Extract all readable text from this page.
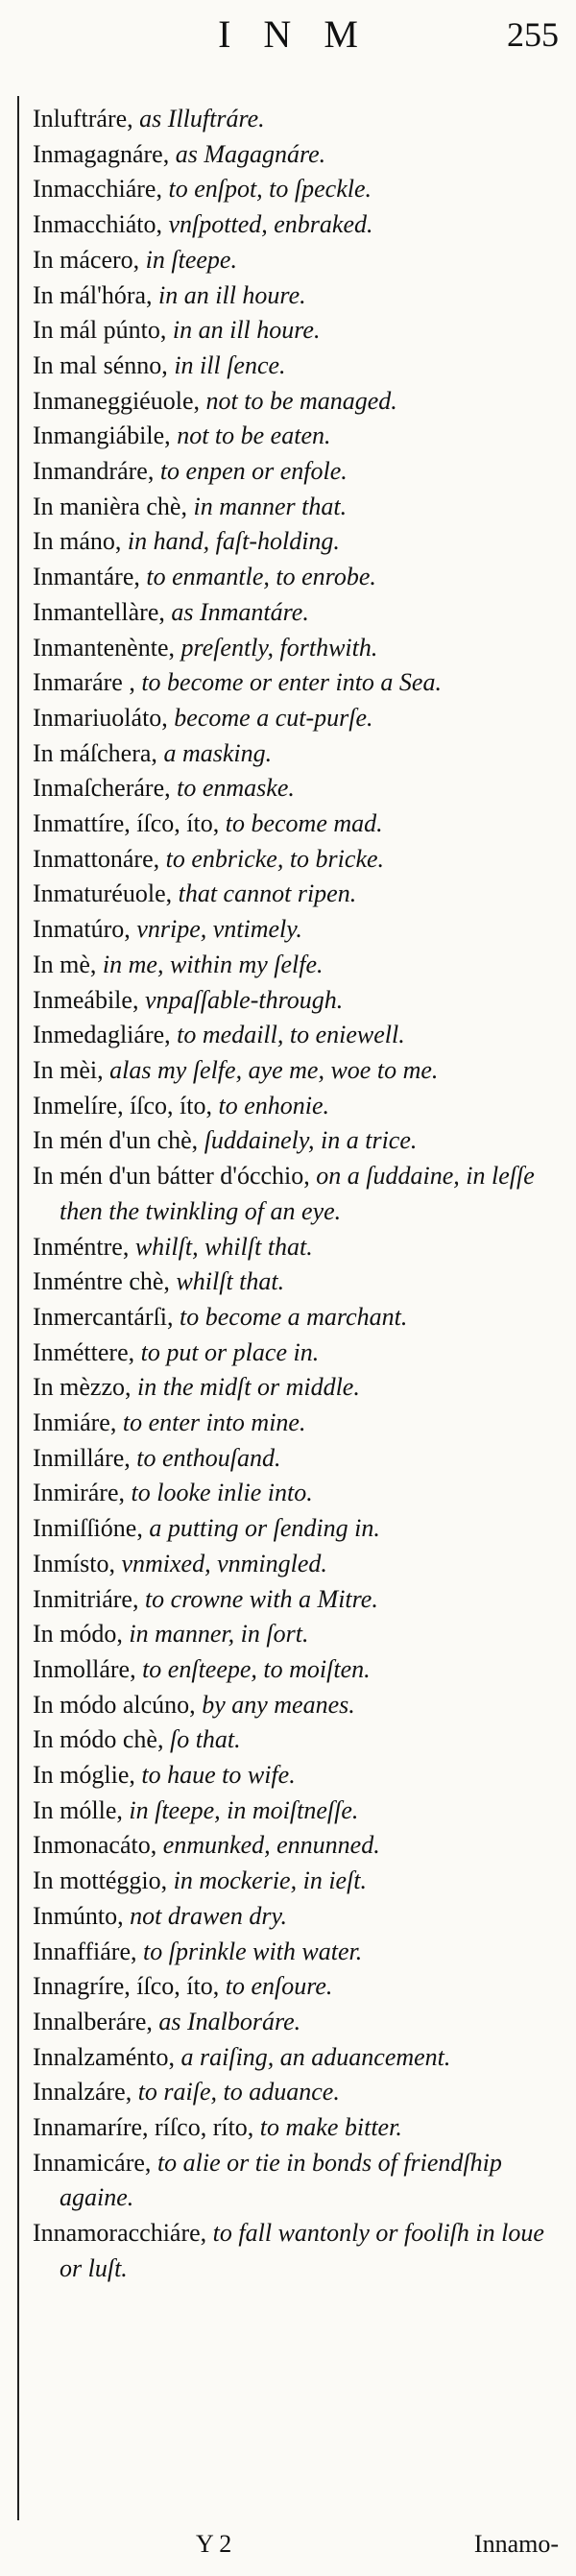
INM	255
Inluftráre, as Illuftráre.
Inmagagnáre, as Magagnáre.
Inmacchiáre, to enſpot, to ſpeckle.
Inmacchiáto, vnſpotted, enbraked.
In mácero, in ſteepe.
In mál'hóra, in an ill houre.
In mál púnto, in an ill houre.
In mal sénno, in ill ſence.
Inmaneggiéuole, not to be managed.
Inmangiábile, not to be eaten.
Inmandráre, to enpen or enfole.
In manièra chè, in manner that.
In máno, in hand, faſt-holding.
Inmantáre, to enmantle, to enrobe.
Inmantellàre, as Inmantáre.
Inmantenènte, preſently, forthwith.
Inmaráre , to become or enter into a Sea.
Inmariuoláto, become a cut-purſe.
In máſchera, a masking.
Inmaſcheráre, to enmaske.
Inmattíre, íſco, íto, to become mad.
Inmattonáre, to enbricke, to bricke.
Inmaturéuole, that cannot ripen.
Inmatúro, vnripe, vntimely.
In mè, in me, within my ſelfe.
Inmeábile, vnpaſſable-through.
Inmedagliáre, to medaill, to eniewell.
In mèi, alas my ſelfe, aye me, woe to me.
Inmelíre, íſco, íto, to enhonie.
In mén d'un chè, ſuddainely, in a trice.
In mén d'un bátter d'ócchio, on a ſuddaine, in leſſe then the twinkling of an eye.
Inméntre, whilſt, whilſt that.
Inméntre chè, whilſt that.
Inmercantárſi, to become a marchant.
Inméttere, to put or place in.
In mèzzo, in the midſt or middle.
Inmiáre, to enter into mine.
Inmilláre, to enthouſand.
Inmiráre, to looke inlie into.
Inmiſſióne, a putting or ſending in.
Inmísto, vnmixed, vnmingled.
Inmitriáre, to crowne with a Mitre.
In módo, in manner, in ſort.
Inmolláre, to enſteepe, to moiſten.
In módo alcúno, by any meanes.
In módo chè, ſo that.
In móglie, to haue to wife.
In mólle, in ſteepe, in moiſtneſſe.
Inmonacáto, enmunked, ennunned.
In mottéggio, in mockerie, in ieſt.
Inmúnto, not drawen dry.
Innaffiáre, to ſprinkle with water.
Innagríre, íſco, íto, to enſoure.
Innalberáre, as Inalboráre.
Innalzaménto, a raiſing, an aduancement.
Innalzáre, to raiſe, to aduance.
Innamaríre, ríſco, ríto, to make bitter.
Innamicáre, to alie or tie in bonds of friendſhip againe.
Innamoracchiáre, to fall wantonly or fooliſh in loue or luſt.
Y 2	Innamo-
